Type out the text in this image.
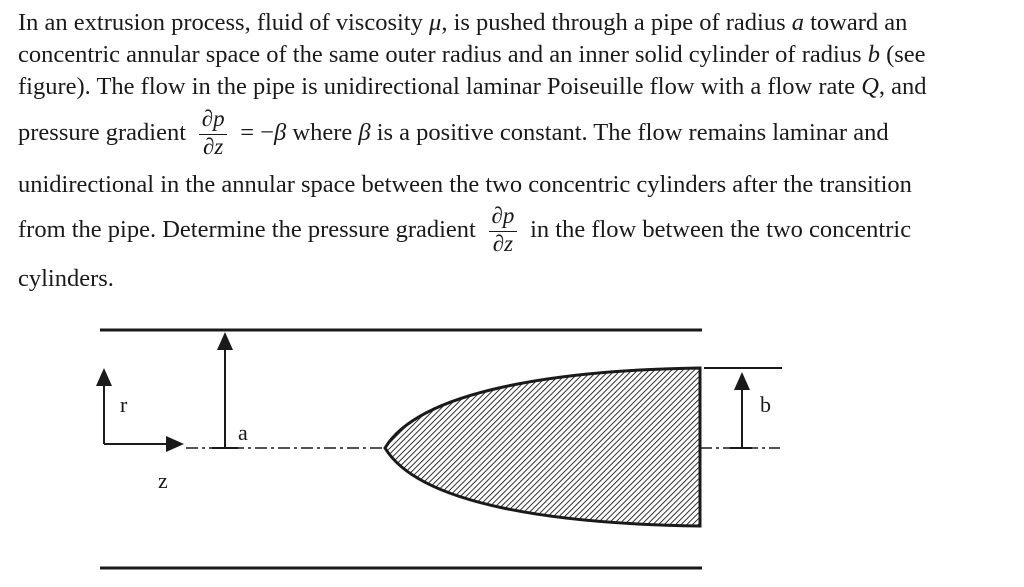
In an extrusion process, fluid of viscosity μ, is pushed through a pipe of radius a toward an
concentric annular space of the same outer radius and an inner solid cylinder of radius b (see
figure). The flow in the pipe is unidirectional laminar Poiseuille flow with a flow rate Q, and
pressure gradient $\frac{\partial p}{\partial z} = -\beta$ where β is a positive constant. The flow remains laminar and
unidirectional in the annular space between the two concentric cylinders after the transition
from the pipe. Determine the pressure gradient $\frac{\partial p}{\partial z}$ in the flow between the two concentric
cylinders.
r
z
a
b
